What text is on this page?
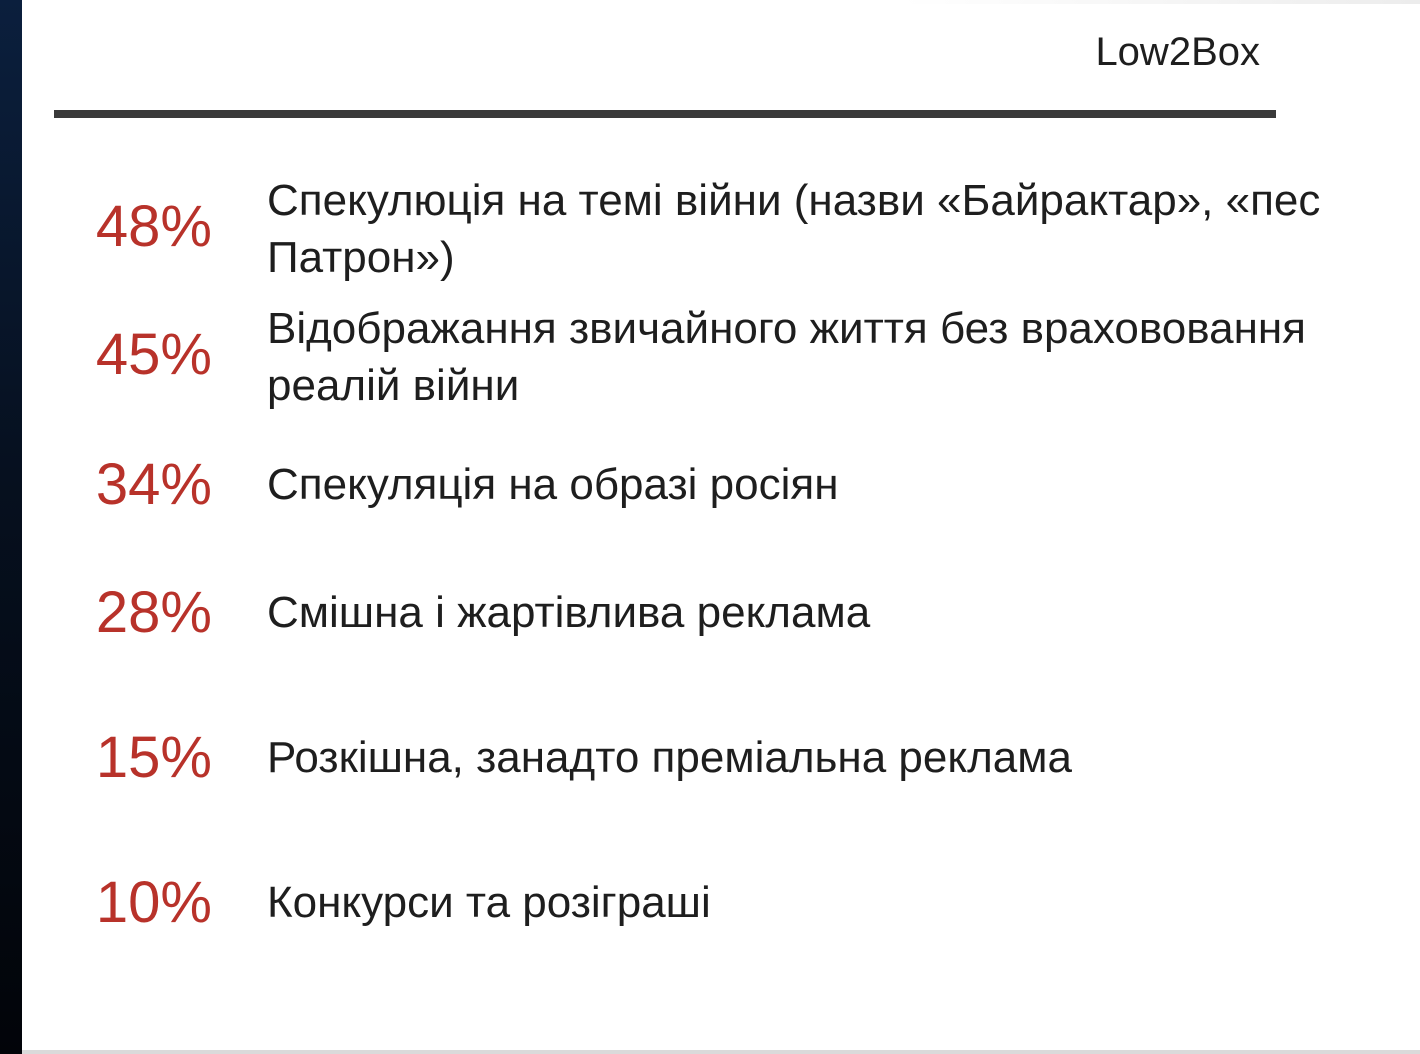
Low2Box
48% Спекулюція на темі війни (назви «Байрактар», «пес Патрон»)
45% Відображання звичайного життя без врахововання реалій війни
34% Спекуляція на образі росіян
28% Смішна і жартівлива реклама
15% Розкішна, занадто преміальна реклама
10% Конкурси та розіграші
